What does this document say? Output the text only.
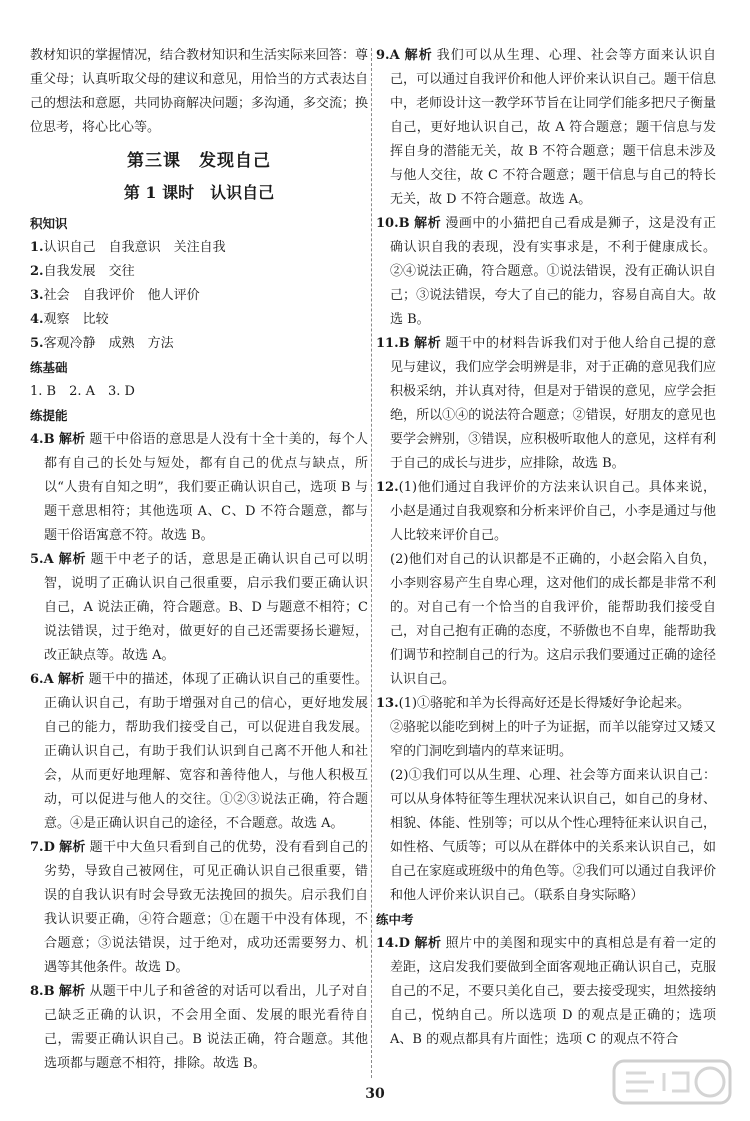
教材知识的掌握情况，结合教材知识和生活实际来回答：尊重父母；认真听取父母的建议和意见，用恰当的方式表达自己的想法和意愿，共同协商解决问题；多沟通，多交流；换位思考，将心比心等。

第三课　发现自己
第 1 课时　认识自己

积知识

1.认识自己　自我意识　关注自我

2.自我发展　交往

3.社会　自我评价　他人评价

4.观察　比较

5.客观冷静　成熟　方法

练基础

1. B　2. A　3. D

练提能

4.B 解析 题干中俗语的意思是人没有十全十美的，每个人都有自己的长处与短处，都有自己的优点与缺点，所以“人贵有自知之明”，我们要正确认识自己，选项 B 与题干意思相符；其他选项 A、C、D 不符合题意，都与题干俗语寓意不符。故选 B。

5.A 解析 题干中老子的话，意思是正确认识自己可以明智，说明了正确认识自己很重要，启示我们要正确认识自己，A 说法正确，符合题意。B、D 与题意不相符；C 说法错误，过于绝对，做更好的自己还需要扬长避短，改正缺点等。故选 A。

6.A 解析 题干中的描述，体现了正确认识自己的重要性。正确认识自己，有助于增强对自己的信心，更好地发展自己的能力，帮助我们接受自己，可以促进自我发展。正确认识自己，有助于我们认识到自己离不开他人和社会，从而更好地理解、宽容和善待他人，与他人积极互动，可以促进与他人的交往。①②③说法正确，符合题意。④是正确认识自己的途径，不合题意。故选 A。

7.D 解析 题干中大鱼只看到自己的优势，没有看到自己的劣势，导致自己被网住，可见正确认识自己很重要，错误的自我认识有时会导致无法挽回的损失。启示我们自我认识要正确，④符合题意；①在题干中没有体现，不合题意；③说法错误，过于绝对，成功还需要努力、机遇等其他条件。故选 D。

8.B 解析 从题干中儿子和爸爸的对话可以看出，儿子对自己缺乏正确的认识，不会用全面、发展的眼光看待自己，需要正确认识自己。B 说法正确，符合题意。其他选项都与题意不相符，排除。故选 B。

9.A 解析 我们可以从生理、心理、社会等方面来认识自己，可以通过自我评价和他人评价来认识自己。题干信息中，老师设计这一教学环节旨在让同学们能多把尺子衡量自己，更好地认识自己，故 A 符合题意；题干信息与发挥自身的潜能无关，故 B 不符合题意；题干信息未涉及与他人交往，故 C 不符合题意；题干信息与自己的特长无关，故 D 不符合题意。故选 A。

10.B 解析 漫画中的小猫把自己看成是狮子，这是没有正确认识自我的表现，没有实事求是，不利于健康成长。②④说法正确，符合题意。①说法错误，没有正确认识自己；③说法错误，夸大了自己的能力，容易自高自大。故选 B。

11.B 解析 题干中的材料告诉我们对于他人给自己提的意见与建议，我们应学会明辨是非，对于正确的意见我们应积极采纳，并认真对待，但是对于错误的意见，应学会拒绝，所以①④的说法符合题意；②错误，好朋友的意见也要学会辨别，③错误，应积极听取他人的意见，这样有利于自己的成长与进步，应排除，故选 B。

12.(1)他们通过自我评价的方法来认识自己。具体来说，小赵是通过自我观察和分析来评价自己，小李是通过与他人比较来评价自己。

(2)他们对自己的认识都是不正确的，小赵会陷入自负，小李则容易产生自卑心理，这对他们的成长都是非常不利的。对自己有一个恰当的自我评价，能帮助我们接受自己，对自己抱有正确的态度，不骄傲也不自卑，能帮助我们调节和控制自己的行为。这启示我们要通过正确的途径认识自己。

13.(1)①骆驼和羊为长得高好还是长得矮好争论起来。

②骆驼以能吃到树上的叶子为证据，而羊以能穿过又矮又窄的门洞吃到墙内的草来证明。

(2)①我们可以从生理、心理、社会等方面来认识自己：可以从身体特征等生理状况来认识自己，如自己的身材、相貌、体能、性别等；可以从个性心理特征来认识自己，如性格、气质等；可以从在群体中的关系来认识自己，如自己在家庭或班级中的角色等。②我们可以通过自我评价和他人评价来认识自己。（联系自身实际略）

练中考

14.D 解析 照片中的美图和现实中的真相总是有着一定的差距，这启发我们要做到全面客观地正确认识自己，克服自己的不足，不要只美化自己，要去接受现实，坦然接纳自己，悦纳自己。所以选项 D 的观点是正确的；选项 A、B 的观点都具有片面性；选项 C 的观点不符合

30
